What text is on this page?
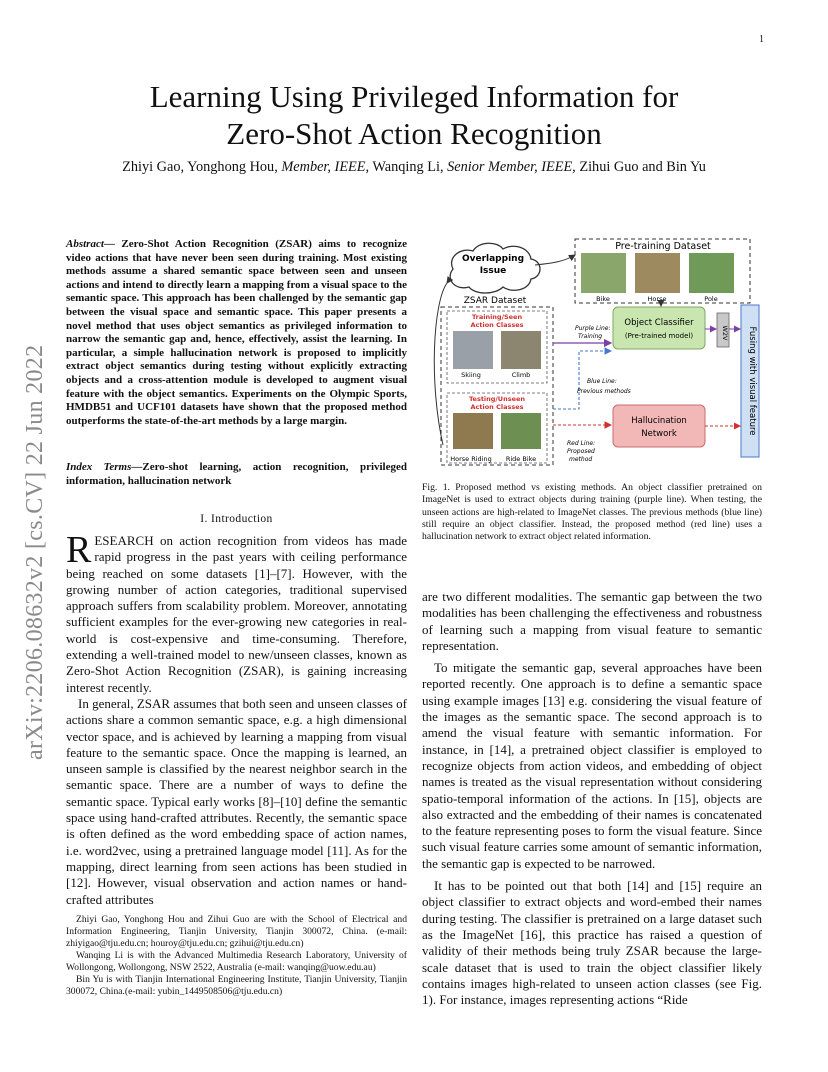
1
arXiv:2206.08632v2 [cs.CV] 22 Jun 2022
Learning Using Privileged Information for
Zero-Shot Action Recognition
Zhiyi Gao, Yonghong Hou, Member, IEEE, Wanqing Li, Senior Member, IEEE, Zihui Guo and Bin Yu
Abstract— Zero-Shot Action Recognition (ZSAR) aims to recognize video actions that have never been seen during training. Most existing methods assume a shared semantic space between seen and unseen actions and intend to directly learn a mapping from a visual space to the semantic space. This approach has been challenged by the semantic gap between the visual space and semantic space. This paper presents a novel method that uses object semantics as privileged information to narrow the semantic gap and, hence, effectively, assist the learning. In particular, a simple hallucination network is proposed to implicitly extract object semantics during testing without explicitly extracting objects and a cross-attention module is developed to augment visual feature with the object semantics. Experiments on the Olympic Sports, HMDB51 and UCF101 datasets have shown that the proposed method outperforms the state-of-the-art methods by a large margin.
Index Terms—Zero-shot learning, action recognition, privileged information, hallucination network
I. Introduction

RESEARCH on action recognition from videos has made rapid progress in the past years with ceiling performance being reached on some datasets [1]–[7]. However, with the growing number of action categories, traditional supervised approach suffers from scalability problem. Moreover, annotating sufficient examples for the ever-growing new categories in real-world is cost-expensive and time-consuming. Therefore, extending a well-trained model to new/unseen classes, known as Zero-Shot Action Recognition (ZSAR), is gaining increasing interest recently.

In general, ZSAR assumes that both seen and unseen classes of actions share a common semantic space, e.g. a high dimensional vector space, and is achieved by learning a mapping from visual feature to the semantic space. Once the mapping is learned, an unseen sample is classified by the nearest neighbor search in the semantic space. There are a number of ways to define the semantic space. Typical early works [8]–[10] define the semantic space using hand-crafted attributes. Recently, the semantic space is often defined as the word embedding space of action names, i.e. word2vec, using a pretrained language model [11]. As for the mapping, direct learning from seen actions has been studied in [12]. However, visual observation and action names or hand-crafted attributes

Zhiyi Gao, Yonghong Hou and Zihui Guo are with the School of Electrical and Information Engineering, Tianjin University, Tianjin 300072, China. (e-mail: zhiyigao@tju.edu.cn; houroy@tju.edu.cn; gzihui@tju.edu.cn)

Wanqing Li is with the Advanced Multimedia Research Laboratory, University of Wollongong, Wollongong, NSW 2522, Australia (e-mail: wanqing@uow.edu.au)

Bin Yu is with Tianjin International Engineering Institute, Tianjin University, Tianjin 300072, China.(e-mail: yubin_1449508506@tju.edu.cn)

Overlapping
Issue
Pre-training Dataset
Bike	Horse	Pole
ZSAR Dataset
Training/Seen
Action Classes
Skiing	Climb
Testing/Unseen
Action Classes
Horse Riding Ride Bike
Object Classifier
(Pre-trained model)
Hallucination
Network
W2V Fusing with visual feature
Purple Line:
Training
Blue Line:
Previous methods
Red Line:
Proposed
method
Fig. 1. Proposed method vs existing methods. An object classifier pretrained on ImageNet is used to extract objects during training (purple line). When testing, the unseen actions are high-related to ImageNet classes. The previous methods (blue line) still require an object classifier. Instead, the proposed method (red line) uses a hallucination network to extract object related information.

are two different modalities. The semantic gap between the two modalities has been challenging the effectiveness and robustness of learning such a mapping from visual feature to semantic representation.

To mitigate the semantic gap, several approaches have been reported recently. One approach is to define a semantic space using example images [13] e.g. considering the visual feature of the images as the semantic space. The second approach is to amend the visual feature with semantic information. For instance, in [14], a pretrained object classifier is employed to recognize objects from action videos, and embedding of object names is treated as the visual representation without considering spatio-temporal information of the actions. In [15], objects are also extracted and the embedding of their names is concatenated to the feature representing poses to form the visual feature. Since such visual feature carries some amount of semantic information, the semantic gap is expected to be narrowed.

It has to be pointed out that both [14] and [15] require an object classifier to extract objects and word-embed their names during testing. The classifier is pretrained on a large dataset such as the ImageNet [16], this practice has raised a question of validity of their methods being truly ZSAR because the large-scale dataset that is used to train the object classifier likely contains images high-related to unseen action classes (see Fig. 1). For instance, images representing actions “Ride
